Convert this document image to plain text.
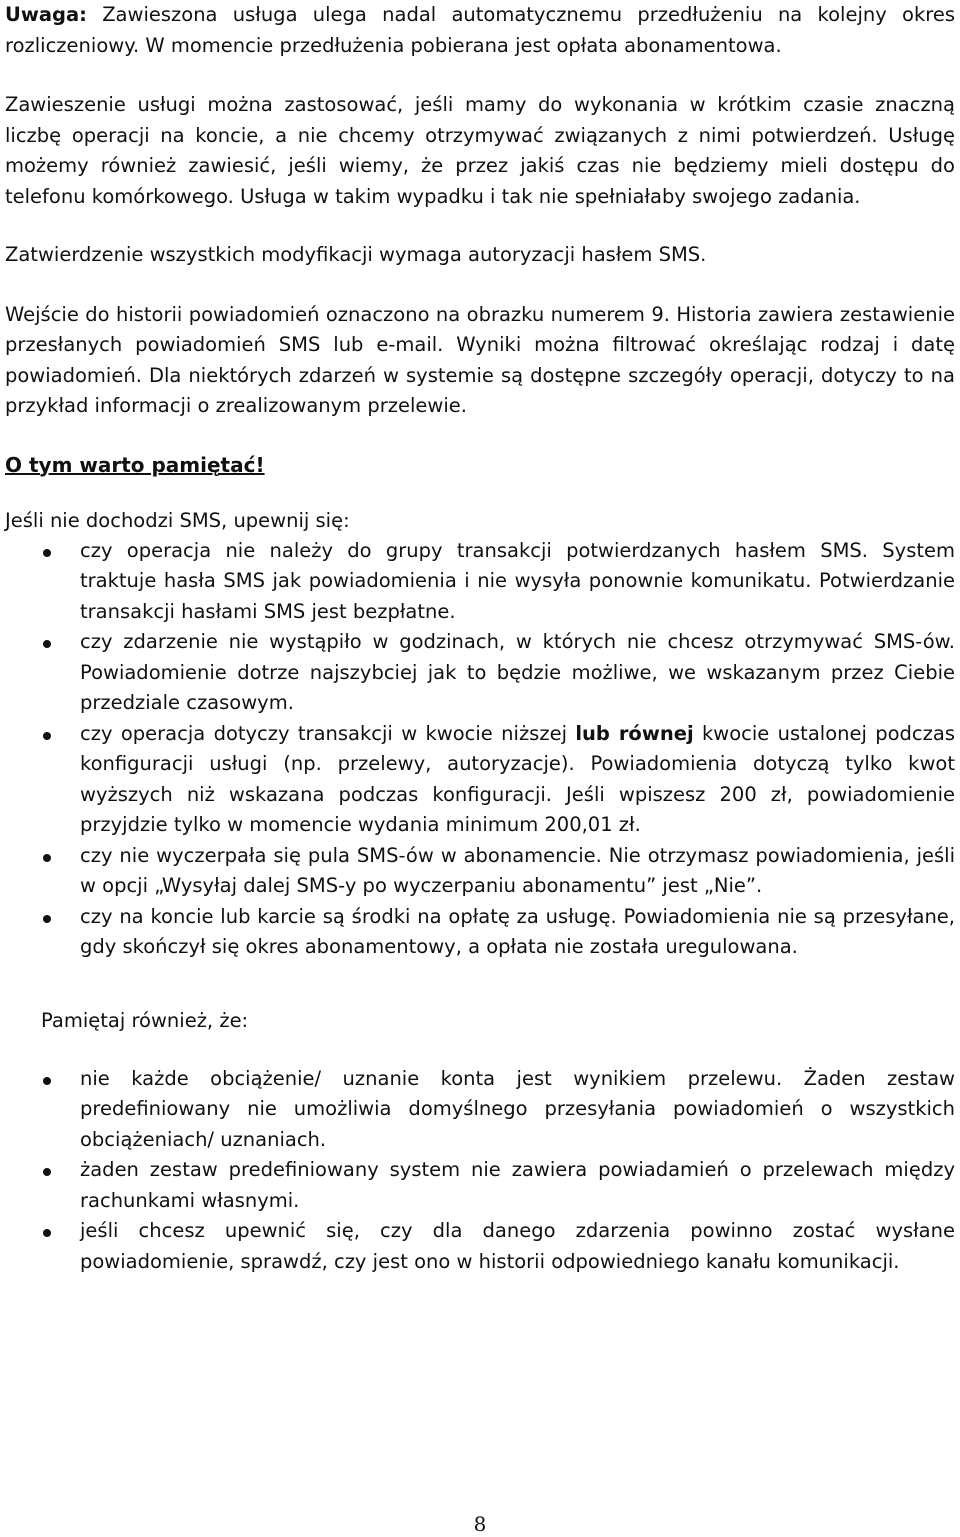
Uwaga: Zawieszona usługa ulega nadal automatycznemu przedłużeniu na kolejny okres rozliczeniowy. W momencie przedłużenia pobierana jest opłata abonamentowa.

Zawieszenie usługi można zastosować, jeśli mamy do wykonania w krótkim czasie znaczną liczbę operacji na koncie, a nie chcemy otrzymywać związanych z nimi potwierdzeń. Usługę możemy również zawiesić, jeśli wiemy, że przez jakiś czas nie będziemy mieli dostępu do telefonu komórkowego. Usługa w takim wypadku i tak nie spełniałaby swojego zadania.

Zatwierdzenie wszystkich modyfikacji wymaga autoryzacji hasłem SMS.

Wejście do historii powiadomień oznaczono na obrazku numerem 9. Historia zawiera zestawienie przesłanych powiadomień SMS lub e-mail. Wyniki można filtrować określając rodzaj i datę powiadomień. Dla niektórych zdarzeń w systemie są dostępne szczegóły operacji, dotyczy to na przykład informacji o zrealizowanym przelewie.

O tym warto pamiętać!
Jeśli nie dochodzi SMS, upewnij się:
czy operacja nie należy do grupy transakcji potwierdzanych hasłem SMS. System traktuje hasła SMS jak powiadomienia i nie wysyła ponownie komunikatu. Potwierdzanie transakcji hasłami SMS jest bezpłatne.
czy zdarzenie nie wystąpiło w godzinach, w których nie chcesz otrzymywać SMS-ów. Powiadomienie dotrze najszybciej jak to będzie możliwe, we wskazanym przez Ciebie przedziale czasowym.
czy operacja dotyczy transakcji w kwocie niższej lub równej kwocie ustalonej podczas konfiguracji usługi (np. przelewy, autoryzacje). Powiadomienia dotyczą tylko kwot wyższych niż wskazana podczas konfiguracji. Jeśli wpiszesz 200 zł, powiadomienie przyjdzie tylko w momencie wydania minimum 200,01 zł.
czy nie wyczerpała się pula SMS-ów w abonamencie. Nie otrzymasz powiadomienia, jeśli w opcji „Wysyłaj dalej SMS-y po wyczerpaniu abonamentu” jest „Nie”.
czy na koncie lub karcie są środki na opłatę za usługę. Powiadomienia nie są przesyłane, gdy skończył się okres abonamentowy, a opłata nie została uregulowana.
Pamiętaj również, że:
nie każde obciążenie/ uznanie konta jest wynikiem przelewu. Żaden zestaw predefiniowany nie umożliwia domyślnego przesyłania powiadomień o wszystkich obciążeniach/ uznaniach.
żaden zestaw predefiniowany system nie zawiera powiadamień o przelewach między rachunkami własnymi.
jeśli chcesz upewnić się, czy dla danego zdarzenia powinno zostać wysłane powiadomienie, sprawdź, czy jest ono w historii odpowiedniego kanału komunikacji.
8
